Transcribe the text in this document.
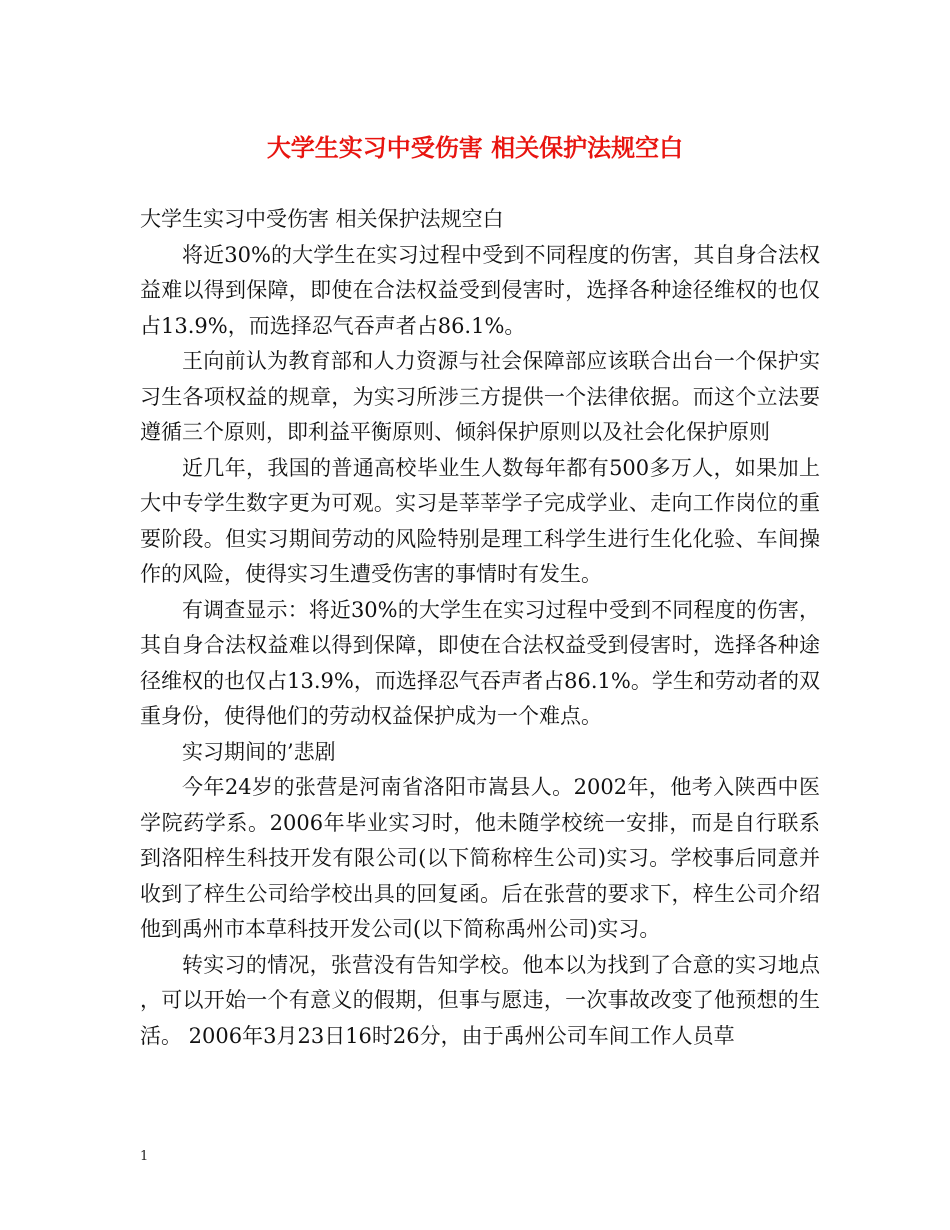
大学生实习中受伤害 相关保护法规空白

大学生实习中受伤害 相关保护法规空白

将近30%的大学生在实习过程中受到不同程度的伤害，其自身合法权益难以得到保障，即使在合法权益受到侵害时，选择各种途径维权的也仅占13.9%，而选择忍气吞声者占86.1%。

王向前认为教育部和人力资源与社会保障部应该联合出台一个保护实习生各项权益的规章，为实习所涉三方提供一个法律依据。而这个立法要遵循三个原则，即利益平衡原则、倾斜保护原则以及社会化保护原则

近几年，我国的普通高校毕业生人数每年都有500多万人，如果加上大中专学生数字更为可观。实习是莘莘学子完成学业、走向工作岗位的重要阶段。但实习期间劳动的风险特别是理工科学生进行生化化验、车间操作的风险，使得实习生遭受伤害的事情时有发生。

有调查显示：将近30%的大学生在实习过程中受到不同程度的伤害，其自身合法权益难以得到保障，即使在合法权益受到侵害时，选择各种途径维权的也仅占13.9%，而选择忍气吞声者占86.1%。学生和劳动者的双重身份，使得他们的劳动权益保护成为一个难点。

实习期间的’悲剧

今年24岁的张营是河南省洛阳市嵩县人。2002年，他考入陕西中医学院药学系。2006年毕业实习时，他未随学校统一安排，而是自行联系到洛阳梓生科技开发有限公司(以下简称梓生公司)实习。学校事后同意并收到了梓生公司给学校出具的回复函。后在张营的要求下，梓生公司介绍他到禹州市本草科技开发公司(以下简称禹州公司)实习。

转实习的情况，张营没有告知学校。他本以为找到了合意的实习地点，可以开始一个有意义的假期，但事与愿违，一次事故改变了他预想的生活。 2006年3月23日16时26分，由于禹州公司车间工作人员草

1
